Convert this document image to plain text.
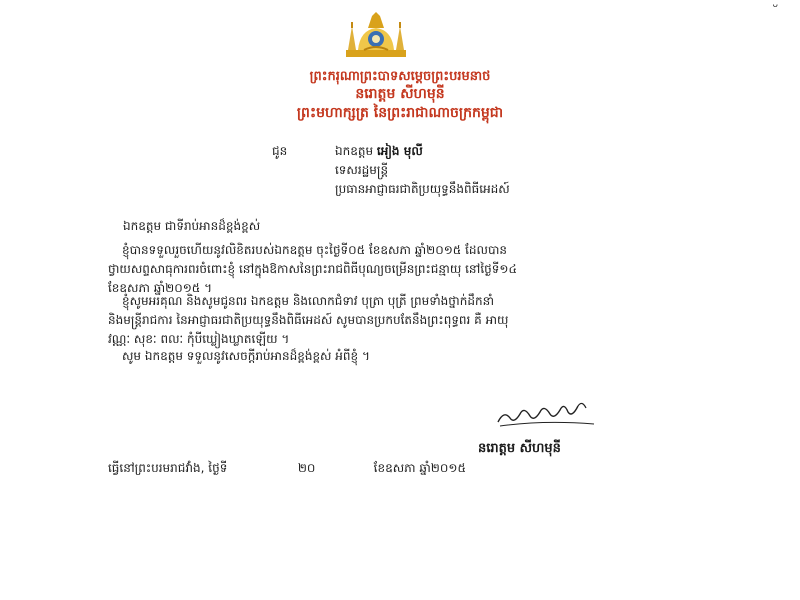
ᴗ
ព្រះករុណាព្រះបាទសម្ដេចព្រះបរមនាថ
នរោត្តម សីហមុនី
ព្រះមហាក្សត្រ នៃព្រះរាជាណាចក្រកម្ពុជា
ជូន	ឯកឧត្តម អៀង មុលី
ទេសរដ្ឋមន្ត្រី
ប្រធានអាជ្ញាធរជាតិប្រយុទ្ធនឹងពិធីអេដស៍
ឯកឧត្តម ជាទីរាប់អានដ៏ខ្ពង់ខ្ពស់
ខ្ញុំបានទទួលរួចហើយនូវលិខិតរបស់ឯកឧត្តម ចុះថ្ងៃទី០៥ ខែឧសភា ឆ្នាំ២០១៥ ដែលបាន
ថ្វាយសព្ទសាធុការពរចំពោះខ្ញុំ នៅក្នុងឱកាសនៃព្រះរាជពិធីបុណ្យចម្រើនព្រះជន្មាយុ នៅថ្ងៃទី១៤
ខែឧសភា ឆ្នាំ២០១៥ ។
ខ្ញុំសូមអរគុណ និងសូមជូនពរ ឯកឧត្តម និងលោកជំទាវ បុត្រា បុត្រី ព្រមទាំងថ្នាក់ដឹកនាំ
និងមន្ត្រីរាជការ នៃអាជ្ញាធរជាតិប្រយុទ្ធនឹងពិធីអេដស៍ សូមបានប្រកបតែនឹងព្រះពុទ្ធពរ គឺ អាយុ
វណ្ណៈ សុខៈ ពលៈ កុំបីឃ្លៀងឃ្លាតឡើយ ។
សូម ឯកឧត្តម ទទួលនូវសេចក្ដីរាប់អានដ៏ខ្ពង់ខ្ពស់ អំពីខ្ញុំ ។
នរោត្តម សីហមុនី
ធ្វើនៅព្រះបរមរាជវាំង, ថ្ងៃទី	២០	ខែឧសភា ឆ្នាំ២០១៥
